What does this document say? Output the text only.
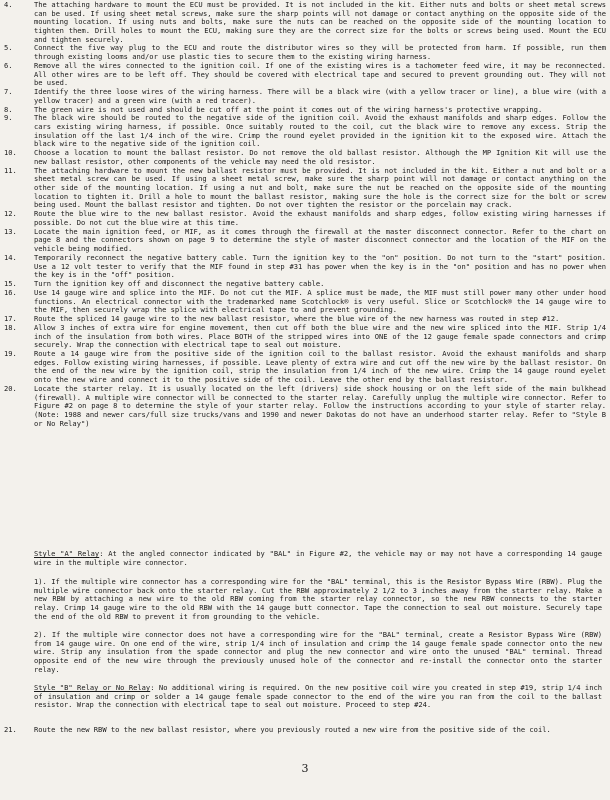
4.	The attaching hardware to mount the ECU must be provided. It is not included in the kit. Either nuts and bolts or sheet metal screws can be used. If using sheet metal screws, make sure the sharp points will not damage or contact anything on the opposite side of the mounting location. If using nuts and bolts, make sure the nuts can be reached on the opposite side of the mounting location to tighten them. Drill holes to mount the ECU, making sure they are the correct size for the bolts or screws being used. Mount the ECU and tighten securely.
5.	Connect the five way plug to the ECU and route the distributor wires so they will be protected from harm. If possible, run them through existing looms and/or use plastic ties to secure them to the existing wiring harness.
6.	Remove all the wires connected to the ignition coil. If one of the existing wires is a tachometer feed wire, it may be reconnected. All other wires are to be left off. They should be covered with electrical tape and secured to prevent grounding out. They will not be used.
7.	Identify the three loose wires of the wiring harness. There will be a black wire (with a yellow tracer or line), a blue wire (with a yellow tracer) and a green wire (with a red tracer).
8.	The green wire is not used and should be cut off at the point it comes out of the wiring harness's protective wrapping.
9.	The black wire should be routed to the negative side of the ignition coil. Avoid the exhaust manifolds and sharp edges. Follow the cars existing wiring harness, if possible. Once suitably routed to the coil, cut the black wire to remove any excess. Strip the insulation off the last 1/4 inch of the wire. Crimp the round eyelet provided in the ignition kit to the exposed wire. Attach the black wire to the negative side of the ignition coil.
10. Choose a location to mount the ballast resistor. Do not remove the old ballast resistor. Although the MP Ignition Kit will use the new ballast resistor, other components of the vehicle may need the old resistor.
11. The attaching hardware to mount the new ballast resistor must be provided. It is not included in the kit. Either a nut and bolt or a sheet metal screw can be used. If using a sheet metal screw, make sure the sharp point will not damage or contact anything on the other side of the mounting location. If using a nut and bolt, make sure the nut be reached on the opposite side of the mounting location to tighten it. Drill a hole to mount the ballast resistor, making sure the hole is the correct size for the bolt or screw being used. Mount the ballast resistor and tighten. Do not over tighten the resistor or the porcelain may crack.
12. Route the blue wire to the new ballast resistor. Avoid the exhaust manifolds and sharp edges, follow existing wiring harnesses if possible. Do not cut the blue wire at this time.
13. Locate the main ignition feed, or MIF, as it comes through the firewall at the master disconnect connector. Refer to the chart on page 8 and the connectors shown on page 9 to determine the style of master disconnect connector and the location of the MIF on the vehicle being modified.
14. Temporarily reconnect the negative battery cable. Turn the ignition key to the "on" position. Do not turn to the "start" position. Use a 12 volt tester to verify that the MIF found in step #31 has power when the key is in the "on" position and has no power when the key is in the "off" position.
15. Turn the ignition key off and disconnect the negative battery cable.
16. Use 14 gauge wire and splice into the MIF. Do not cut the MIF. A splice must be made, the MIF must still power many other under hood functions. An electrical connector with the trademarked name Scotchlock® is very useful. Slice or Scotchlock® the 14 gauge wire to the MIF, then securely wrap the splice with electrical tape to and prevent grounding.
17. Route the spliced 14 gauge wire to the new ballast resistor, where the blue wire of the new harness was routed in step #12.
18. Allow 3 inches of extra wire for engine movement, then cut off both the blue wire and the new wire spliced into the MIF. Strip 1/4 inch of the insulation from both wires. Place BOTH of the stripped wires into ONE of the 12 gauge female spade connectors and crimp securely. Wrap the connection with electrical tape to seal out moisture.
19. Route a 14 gauge wire from the positive side of the ignition coil to the ballast resistor. Avoid the exhaust manifolds and sharp edges. Follow existing wiring harnesses, if possible. Leave plenty of extra wire and cut off the new wire by the ballast resistor. On the end of the new wire by the ignition coil, strip the insulation from 1/4 inch of the new wire. Crimp the 14 gauge round eyelet onto the new wire and connect it to the positive side of the coil. Leave the other end by the ballast resistor.
20. Locate the starter relay. It is usually located on the left (drivers) side shock housing or on the left side of the main bulkhead (firewall). A multiple wire connector will be connected to the starter relay. Carefully unplug the multiple wire connector. Refer to Figure #2 on page 8 to determine the style of your starter relay. Follow the instructions according to your style of starter relay. (Note: 1988 and newer cars/full size trucks/vans and 1990 and newer Dakotas do not have an underhood starter relay. Refer to "Style B or No Relay")
Style "A" Relay: At the angled connector indicated by "BAL" in Figure #2, the vehicle may or may not have a corresponding 14 gauge wire in the multiple wire connector.
1). If the multiple wire connector has a corresponding wire for the "BAL" terminal, this is the Resistor Bypass Wire (RBW). Plug the multiple wire connector back onto the starter relay. Cut the RBW approximately 2 1/2 to 3 inches away from the starter relay. Make a new RBW by attaching a new wire to the old RBW coming from the starter relay connector, so the new RBW connects to the starter relay. Crimp 14 gauge wire to the old RBW with the 14 gauge butt connector. Tape the connection to seal out moisture. Securely tape the end of the old RBW to prevent it from grounding to the vehicle.
2). If the multiple wire connector does not have a corresponding wire for the "BAL" terminal, create a Resistor Bypass Wire (RBW) from 14 gauge wire. On one end of the wire, strip 1/4 inch of insulation and crimp the 14 gauge female spade connector onto the new wire. Strip any insulation from the spade connector and plug the new connector and wire onto the unused "BAL" terminal. Thread opposite end of the new wire through the previously unused hole of the connector and re-install the connector onto the starter relay.
Style "B" Relay or No Relay: No additional wiring is required. On the new positive coil wire you created in step #19, strip 1/4 inch of insulation and crimp or solder a 14 gauge female spade connector to the end of the wire you ran from the coil to the ballast resistor. Wrap the connection with electrical tape to seal out moisture. Proceed to step #24.
21.	Route the new RBW to the new ballast resistor, where you previously routed a new wire from the positive side of the coil.
3
